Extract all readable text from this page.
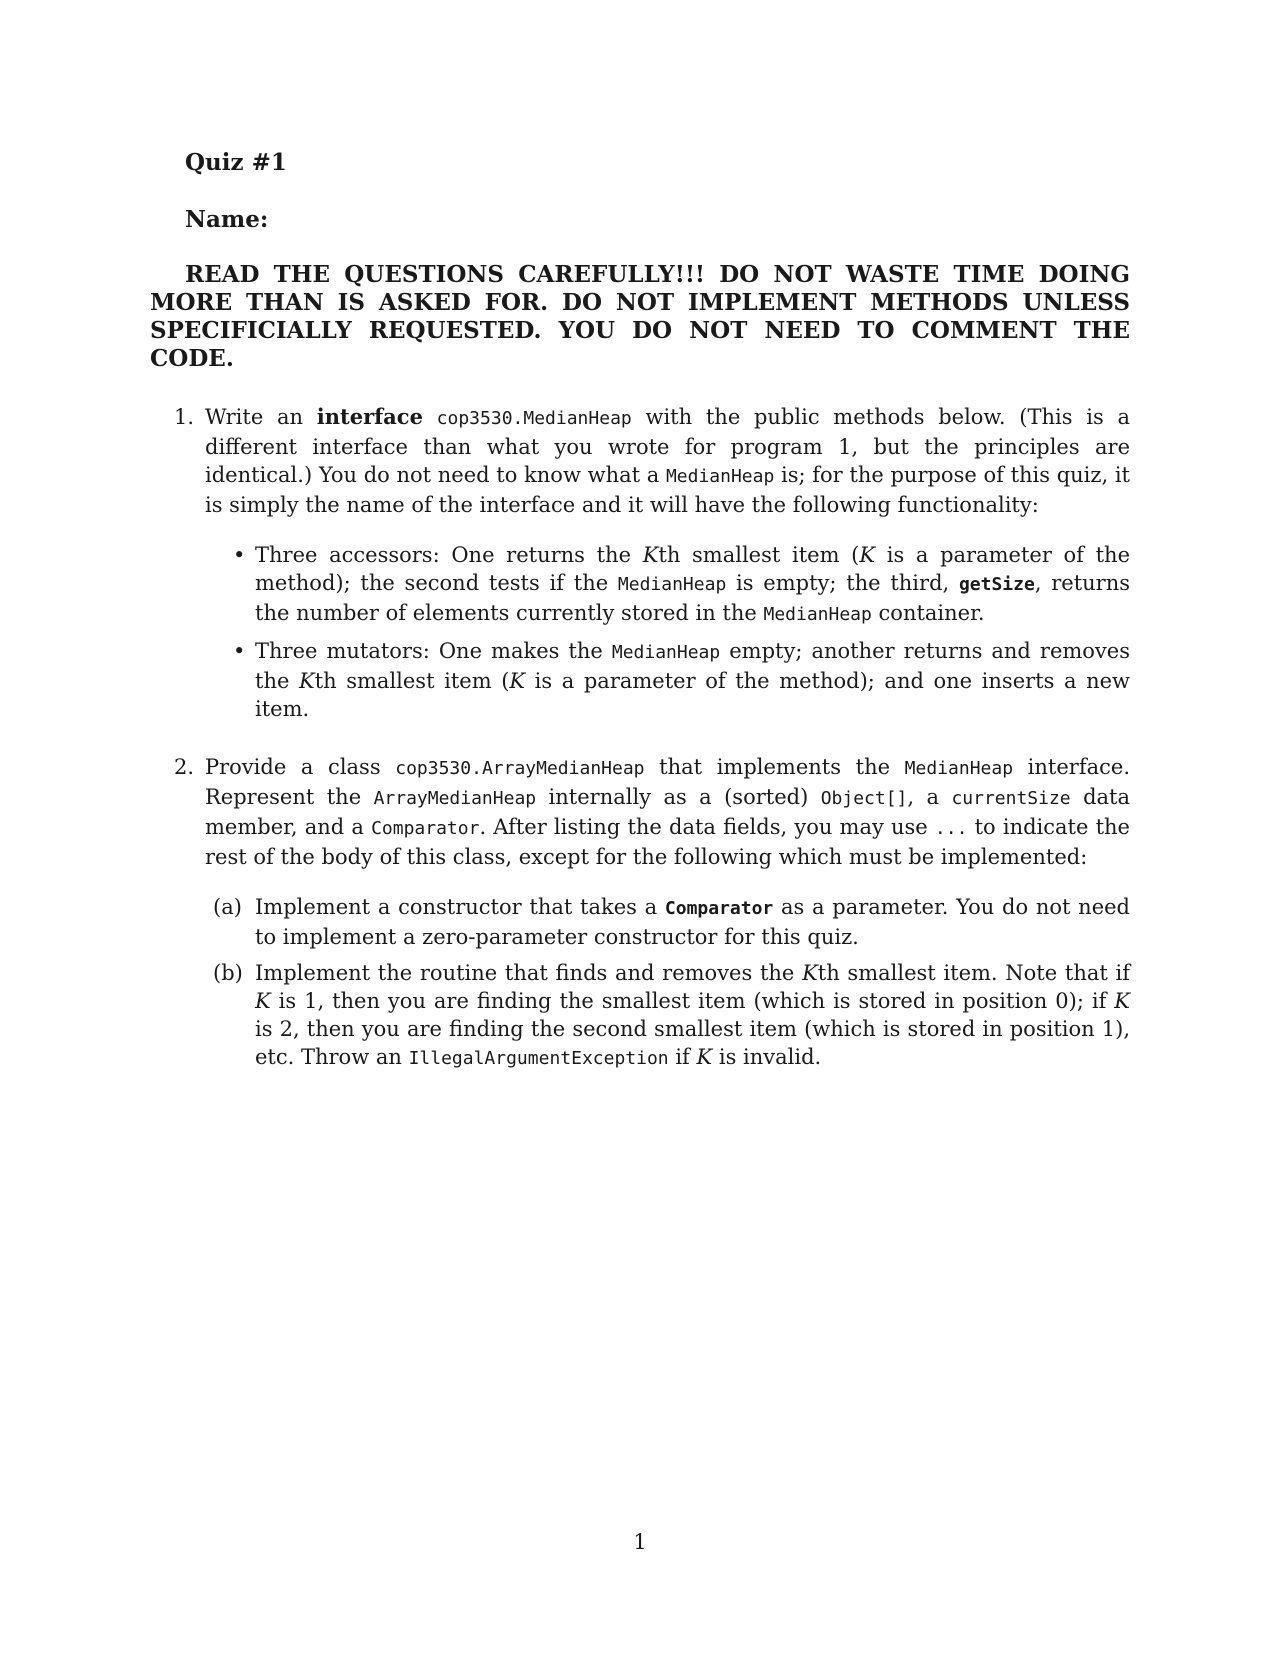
Quiz #1
Name:
READ THE QUESTIONS CAREFULLY!!! DO NOT WASTE TIME DOING MORE THAN IS ASKED FOR. DO NOT IMPLEMENT METHODS UNLESS SPECIFICIALLY REQUESTED. YOU DO NOT NEED TO COMMENT THE CODE.
1. Write an interface cop3530.MedianHeap with the public methods below. (This is a different interface than what you wrote for program 1, but the principles are identical.) You do not need to know what a MedianHeap is; for the purpose of this quiz, it is simply the name of the interface and it will have the following functionality:
• Three accessors: One returns the Kth smallest item (K is a parameter of the method); the second tests if the MedianHeap is empty; the third, getSize, returns the number of elements currently stored in the MedianHeap container.
• Three mutators: One makes the MedianHeap empty; another returns and removes the Kth smallest item (K is a parameter of the method); and one inserts a new item.
2. Provide a class cop3530.ArrayMedianHeap that implements the MedianHeap interface. Represent the ArrayMedianHeap internally as a (sorted) Object[], a currentSize data member, and a Comparator. After listing the data fields, you may use ... to indicate the rest of the body of this class, except for the following which must be implemented:
(a) Implement a constructor that takes a Comparator as a parameter. You do not need to implement a zero-parameter constructor for this quiz.
(b) Implement the routine that finds and removes the Kth smallest item. Note that if K is 1, then you are finding the smallest item (which is stored in position 0); if K is 2, then you are finding the second smallest item (which is stored in position 1), etc. Throw an IllegalArgumentException if K is invalid.
1
